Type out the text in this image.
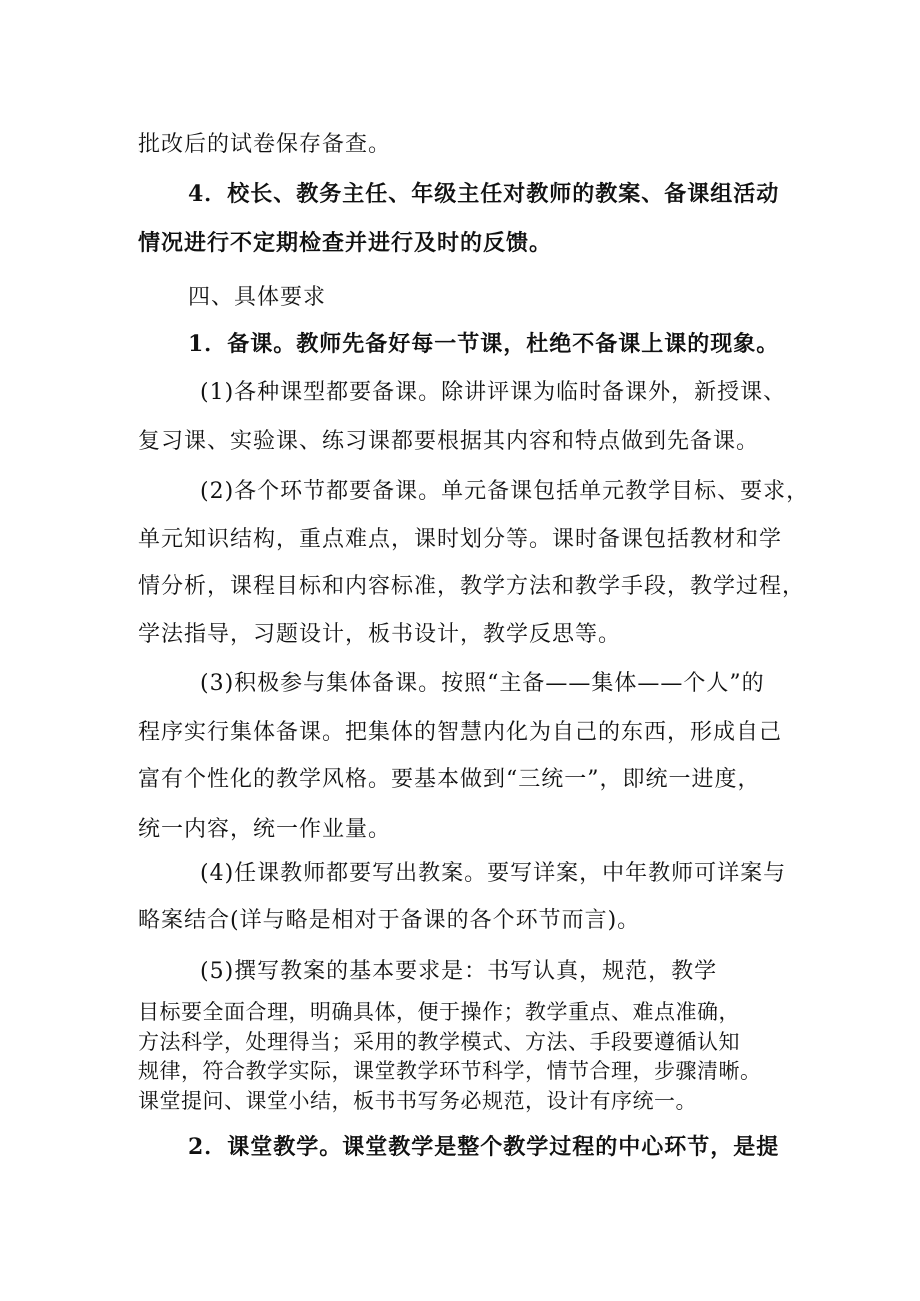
批改后的试卷保存备查。
4．校长、教务主任、年级主任对教师的教案、备课组活动
情况进行不定期检查并进行及时的反馈。
四、具体要求
1．备课。教师先备好每一节课，杜绝不备课上课的现象。
(1)各种课型都要备课。除讲评课为临时备课外，新授课、
复习课、实验课、练习课都要根据其内容和特点做到先备课。
(2)各个环节都要备课。单元备课包括单元教学目标、要求，
单元知识结构，重点难点，课时划分等。课时备课包括教材和学
情分析，课程目标和内容标准，教学方法和教学手段，教学过程，
学法指导，习题设计，板书设计，教学反思等。
(3)积极参与集体备课。按照“主备——集体——个人”的
程序实行集体备课。把集体的智慧内化为自己的东西，形成自己
富有个性化的教学风格。要基本做到“三统一”，即统一进度，
统一内容，统一作业量。
(4)任课教师都要写出教案。要写详案，中年教师可详案与
略案结合(详与略是相对于备课的各个环节而言)。
(5)撰写教案的基本要求是：书写认真，规范，教学
目标要全面合理，明确具体，便于操作；教学重点、难点准确，
方法科学，处理得当；采用的教学模式、方法、手段要遵循认知
规律，符合教学实际，课堂教学环节科学，情节合理，步骤清晰。
课堂提问、课堂小结，板书书写务必规范，设计有序统一。
2．课堂教学。课堂教学是整个教学过程的中心环节，是提
